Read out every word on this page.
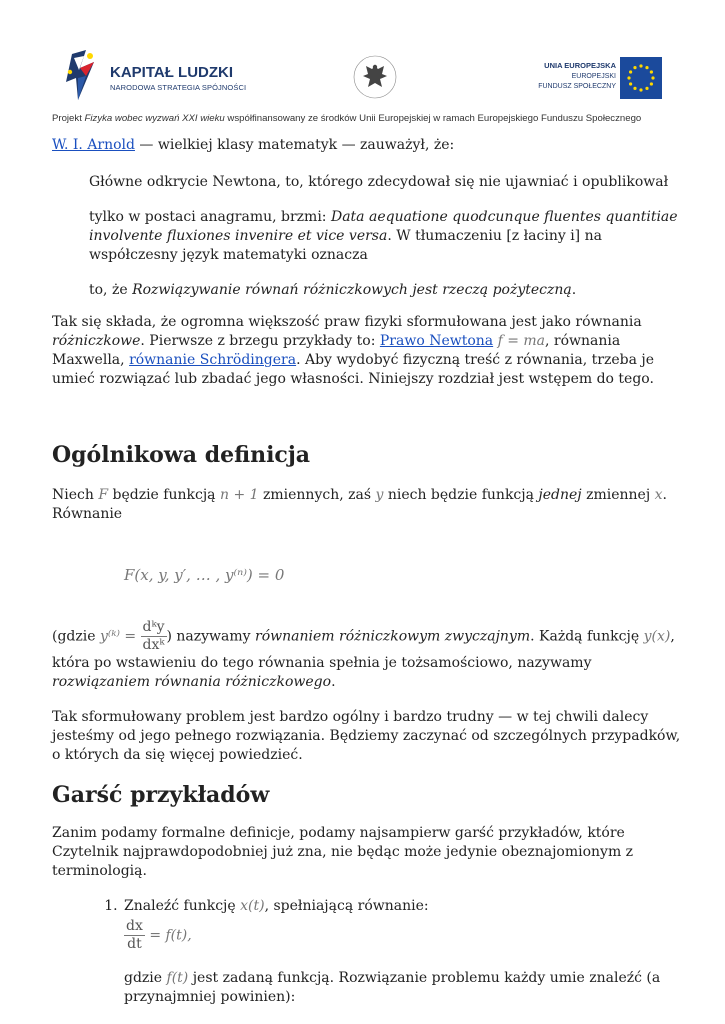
KAPITAŁ LUDZKI
NARODOWA STRATEGIA SPÓJNOŚCI
UNIA EUROPEJSKA
EUROPEJSKI
FUNDUSZ SPOŁECZNY
Projekt Fizyka wobec wyzwań XXI wieku współfinansowany ze środków Unii Europejskiej w ramach Europejskiego Funduszu Społecznego

W. I. Arnold — wielkiej klasy matematyk — zauważył, że:

Główne odkrycie Newtona, to, którego zdecydował się nie ujawniać i opublikował

tylko w postaci anagramu, brzmi: Data aequatione quodcunque fluentes quantitiae involvente fluxiones invenire et vice versa. W tłumaczeniu [z łaciny i] na współczesny język matematyki oznacza

to, że Rozwiązywanie równań różniczkowych jest rzeczą pożyteczną.

Tak się składa, że ogromna większość praw fizyki sformułowana jest jako równania różniczkowe. Pierwsze z brzegu przykłady to: Prawo Newtona f = ma, równania Maxwella, równanie Schrödingera. Aby wydobyć fizyczną treść z równania, trzeba je umieć rozwiązać lub zbadać jego własności. Niniejszy rozdział jest wstępem do tego.

Ogólnikowa definicja

Niech F będzie funkcją n + 1 zmiennych, zaś y niech będzie funkcją jednej zmiennej x. Równanie

F(x, y, y′, … , y⁽ⁿ⁾) = 0

(gdzie y⁽ᵏ⁾ = $\frac{\text{dᵏy}}{\text{dxᵏ}}$ ) nazywamy równaniem różniczkowym zwyczajnym. Każdą funkcję y(x), która po wstawieniu do tego równania spełnia je tożsamościowo, nazywamy rozwiązaniem równania różniczkowego.

Tak sformułowany problem jest bardzo ogólny i bardzo trudny — w tej chwili dalecy jesteśmy od jego pełnego rozwiązania. Będziemy zaczynać od szczególnych przypadków, o których da się więcej powiedzieć.

Garść przykładów

Zanim podamy formalne definicje, podamy najsampierw garść przykładów, które Czytelnik najprawdopodobniej już zna, nie będąc może jedynie obeznajomionym z terminologią.

1. Znaleźć funkcję x(t), spełniającą równanie:
$\frac{dx}{dt} = f(t)$,

gdzie f(t) jest zadaną funkcją. Rozwiązanie problemu każdy umie znaleźć (a przynajmniej powinien):
